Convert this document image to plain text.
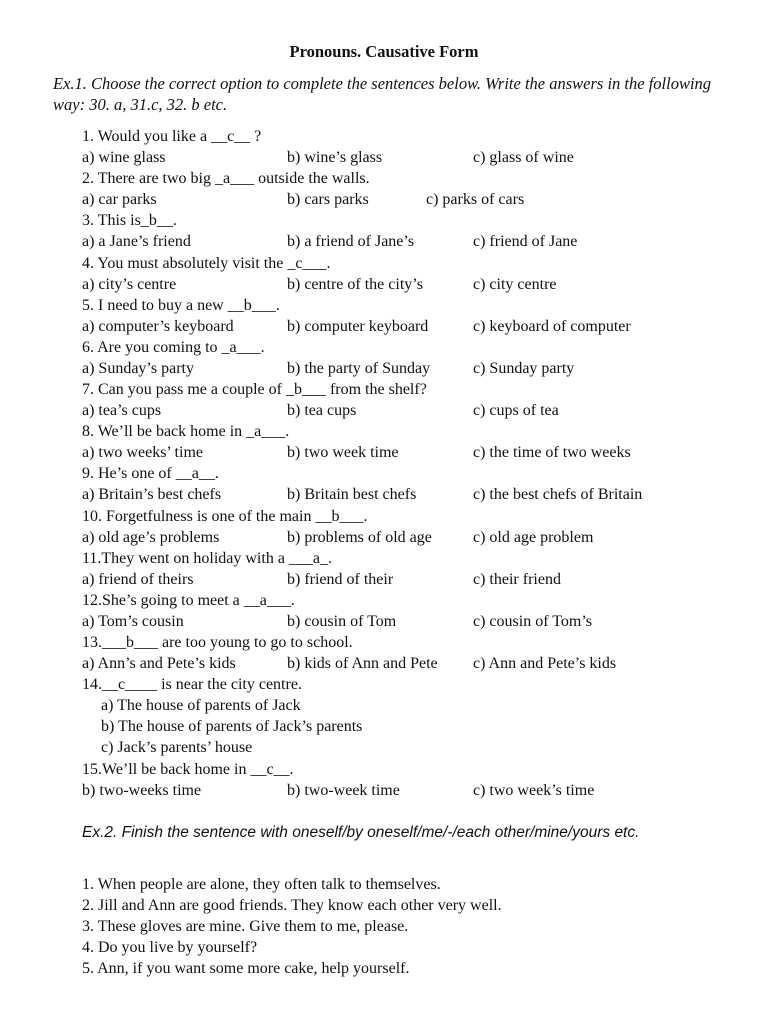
Pronouns. Causative Form
Ex.1. Choose the correct option to complete the sentences below. Write the answers in the following way: 30. a, 31.c, 32. b etc.
1. Would you like a __c__ ?
a) wine glass	b) wine’s glass	c) glass of wine
2. There are two big _a___ outside the walls.
a) car parks	b) cars parks	c) parks of cars
3. This is_b__.
a) a Jane’s friend	b) a friend of Jane’s	c) friend of Jane
4. You must absolutely visit the _c___.
a) city’s centre	b) centre of the city’s	c) city centre
5. I need to buy a new __b___.
a) computer’s keyboard	b) computer keyboard	c) keyboard of computer
6. Are you coming to _a___.
a) Sunday’s party	b) the party of Sunday	c) Sunday party
7. Can you pass me a couple of _b___ from the shelf?
a) tea’s cups	b) tea cups	c) cups of tea
8. We’ll be back home in _a___.
a) two weeks’ time	b) two week time	c) the time of two weeks
9. He’s one of __a__.
a) Britain’s best chefs	b) Britain best chefs	c) the best chefs of Britain
10. Forgetfulness is one of the main __b___.
a) old age’s problems	b) problems of old age	c) old age problem
11.They went on holiday with a ___a_.
a) friend of theirs	b) friend of their	c) their friend
12.She’s going to meet a __a___.
a) Tom’s cousin	b) cousin of Tom	c) cousin of Tom’s
13.___b___ are too young to go to school.
a) Ann’s and Pete’s kids	b) kids of Ann and Pete c) Ann and Pete’s kids
14.__c____ is near the city centre.
a) The house of parents of Jack
b) The house of parents of Jack’s parents
c) Jack’s parents’ house
15.We’ll be back home in __c__.
b) two-weeks time	b) two-week time	c) two week’s time
Ex.2. Finish the sentence with oneself/by oneself/me/-/each other/mine/yours etc.
1. When people are alone, they often talk to themselves.
2. Jill and Ann are good friends. They know each other very well.
3. These gloves are mine. Give them to me, please.
4. Do you live by yourself?
5. Ann, if you want some more cake, help yourself.
